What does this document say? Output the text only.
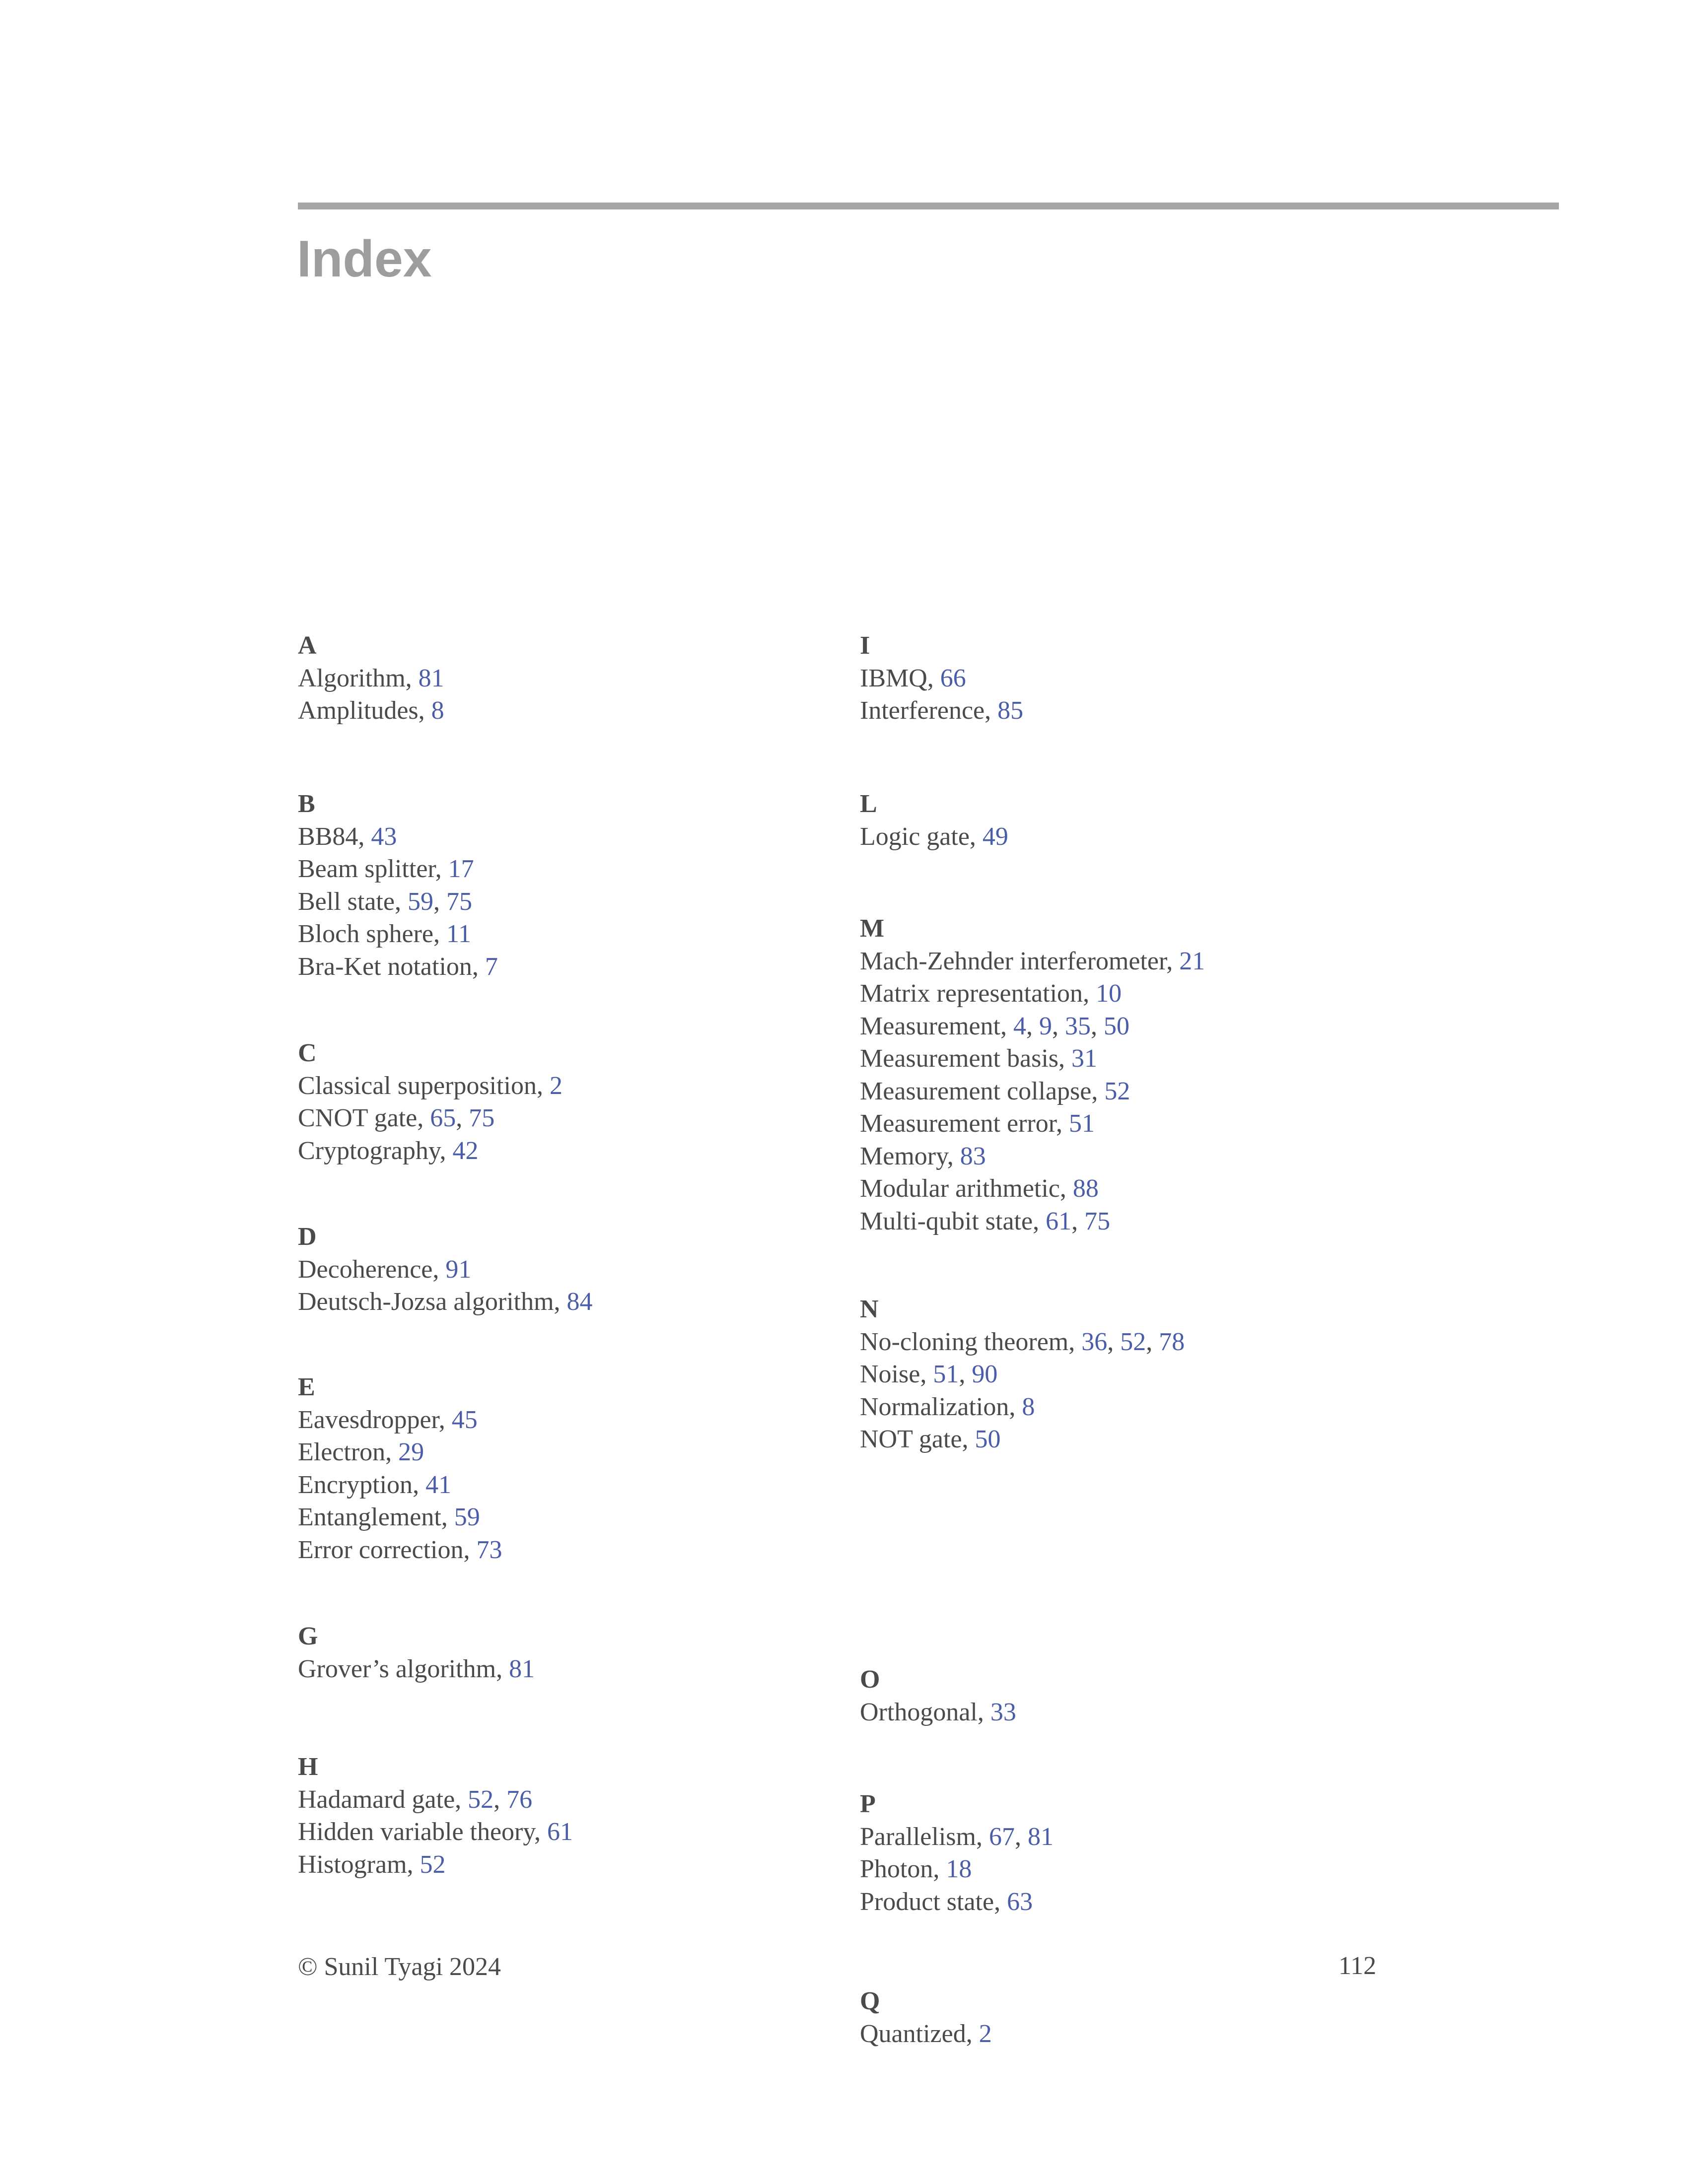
Index
A
Algorithm, 81
Amplitudes, 8
B
BB84, 43
Beam splitter, 17
Bell state, 59, 75
Bloch sphere, 11
Bra-Ket notation, 7
C
Classical superposition, 2
CNOT gate, 65, 75
Cryptography, 42
D
Decoherence, 91
Deutsch-Jozsa algorithm, 84
E
Eavesdropper, 45
Electron, 29
Encryption, 41
Entanglement, 59
Error correction, 73
G
Grover’s algorithm, 81
H
Hadamard gate, 52, 76
Hidden variable theory, 61
Histogram, 52
I
IBMQ, 66
Interference, 85
L
Logic gate, 49
M
Mach-Zehnder interferometer, 21
Matrix representation, 10
Measurement, 4, 9, 35, 50
Measurement basis, 31
Measurement collapse, 52
Measurement error, 51
Memory, 83
Modular arithmetic, 88
Multi-qubit state, 61, 75
N
No-cloning theorem, 36, 52, 78
Noise, 51, 90
Normalization, 8
NOT gate, 50
O
Orthogonal, 33
P
Parallelism, 67, 81
Photon, 18
Product state, 63
Q
Quantized, 2
© Sunil Tyagi 2024	112
